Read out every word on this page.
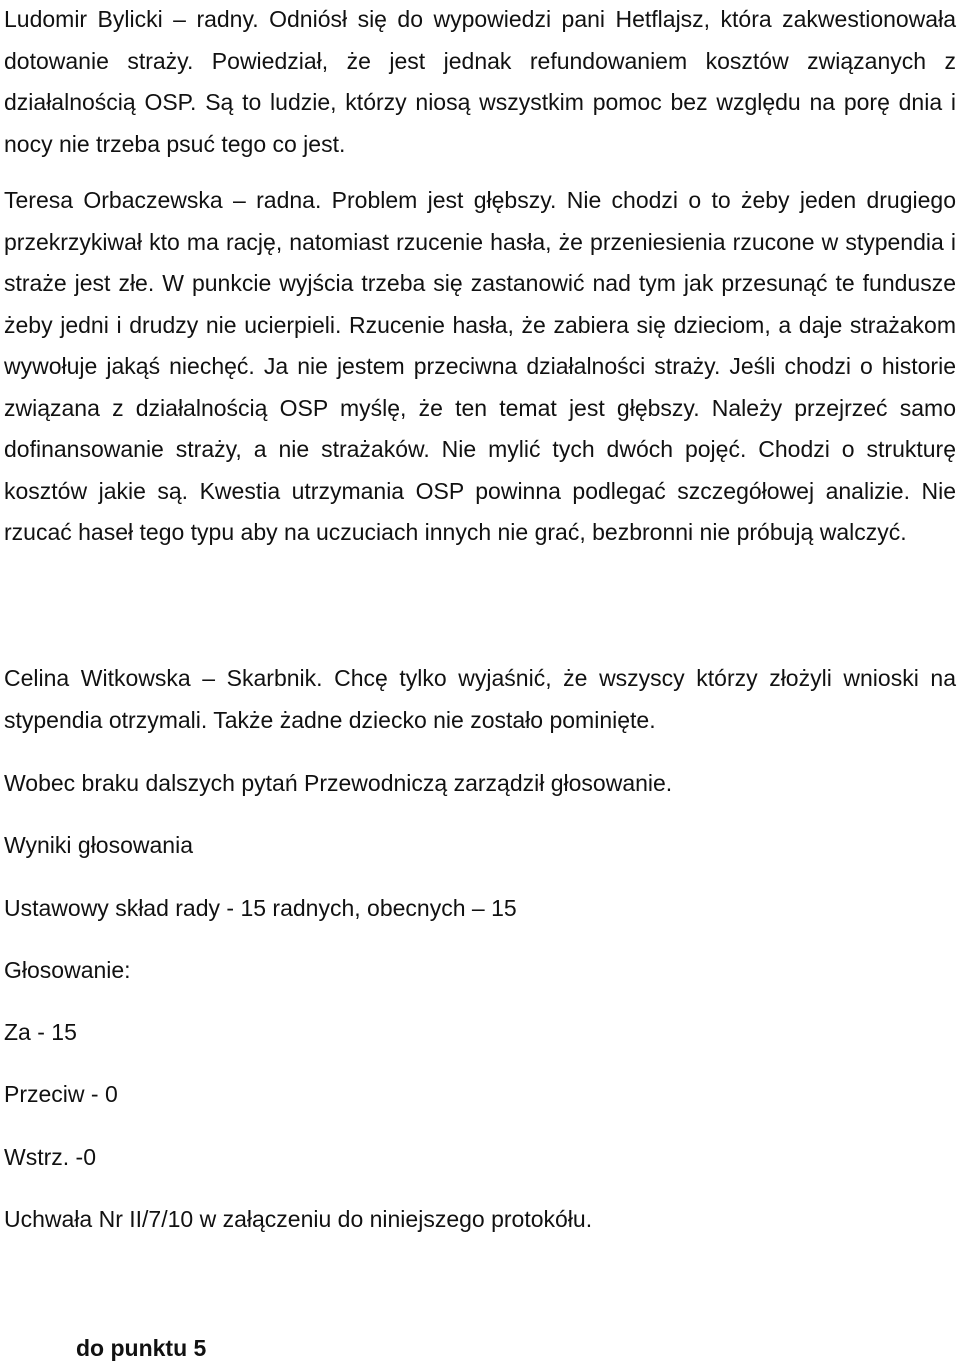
Ludomir Bylicki – radny. Odniósł się do wypowiedzi pani Hetflajsz, która zakwestionowała dotowanie straży. Powiedział, że jest jednak refundowaniem kosztów związanych z działalnością OSP. Są to ludzie, którzy niosą wszystkim pomoc bez względu na porę dnia i nocy nie trzeba psuć tego co jest.

Teresa Orbaczewska – radna. Problem jest głębszy. Nie chodzi o to żeby jeden drugiego przekrzykiwał kto ma rację, natomiast rzucenie hasła, że przeniesienia rzucone w stypendia i straże jest złe. W punkcie wyjścia trzeba się zastanowić nad tym jak przesunąć te fundusze żeby jedni i drudzy nie ucierpieli. Rzucenie hasła, że zabiera się dzieciom, a daje strażakom wywołuje jakąś niechęć. Ja nie jestem przeciwna działalności straży. Jeśli chodzi o historie związana z działalnością OSP myślę, że ten temat jest głębszy. Należy przejrzeć samo dofinansowanie straży, a nie strażaków. Nie mylić tych dwóch pojęć. Chodzi o strukturę kosztów jakie są. Kwestia utrzymania OSP powinna podlegać szczegółowej analizie. Nie rzucać haseł tego typu aby na uczuciach innych nie grać, bezbronni nie próbują walczyć.

Celina Witkowska – Skarbnik. Chcę tylko wyjaśnić, że wszyscy którzy złożyli wnioski na stypendia otrzymali. Także żadne dziecko nie zostało pominięte.

Wobec braku dalszych pytań Przewodniczą zarządził głosowanie.

Wyniki głosowania

Ustawowy skład rady - 15 radnych, obecnych – 15

Głosowanie:

Za - 15

Przeciw - 0

Wstrz. -0

Uchwała Nr II/7/10 w załączeniu do niniejszego protokółu.

do punktu 5
